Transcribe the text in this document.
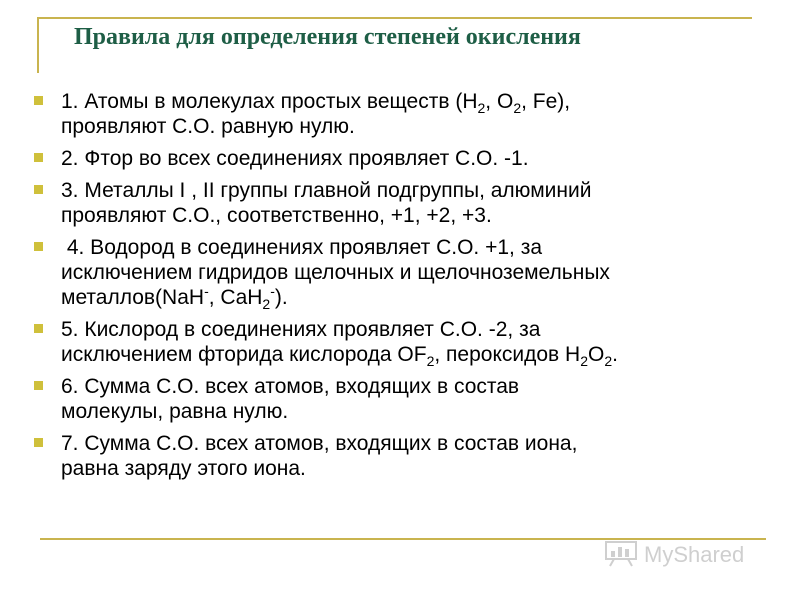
Правила для определения степеней окисления
1. Атомы в молекулах простых веществ ($H_2$, $O_2$, Fe),
проявляют С.О. равную нулю.
2. Фтор во всех соединениях проявляет С.О. -1.
3. Металлы I , II группы главной подгруппы, алюминий
проявляют С.О., соответственно, +1, +2, +3.
4. Водород в соединениях проявляет С.О. +1, за
исключением гидридов щелочных и щелочноземельных
металлов(NaH-, CaH$_2$-).
5. Кислород в соединениях проявляет С.О. -2, за
исключением фторида кислорода $OF_2$, пероксидов $H_2O_2$.
6. Сумма С.О. всех атомов, входящих в состав
молекулы, равна нулю.
7. Сумма С.О. всех атомов, входящих в состав иона,
равна заряду этого иона.
MyShared
